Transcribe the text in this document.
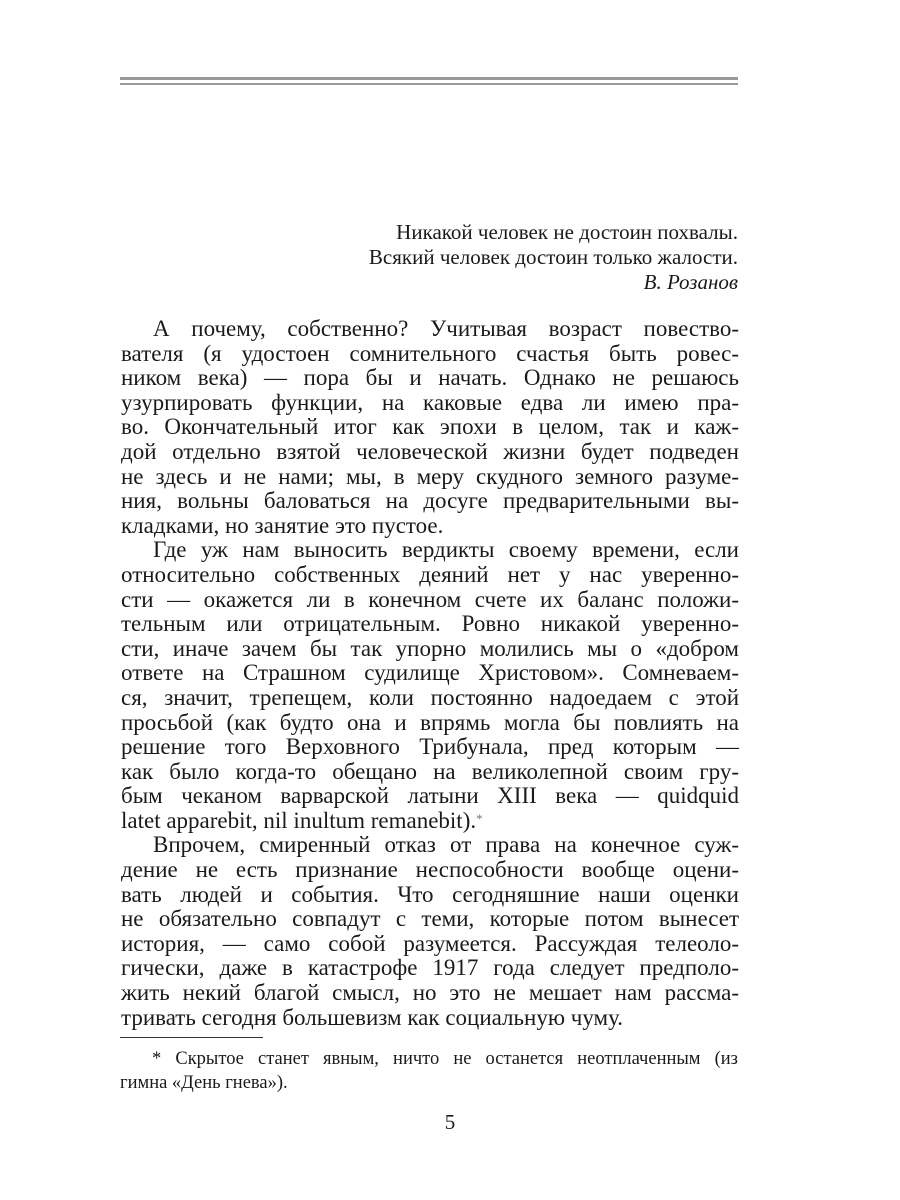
Никакой человек не достоин похвалы.
Всякий человек достоин только жалости.
В. Розанов

А почему, собственно? Учитывая возраст повество-
вателя (я удостоен сомнительного счастья быть ровес-
ником века) — пора бы и начать. Однако не решаюсь
узурпировать функции, на каковые едва ли имею пра-
во. Окончательный итог как эпохи в целом, так и каж-
дой отдельно взятой человеческой жизни будет подведен
не здесь и не нами; мы, в меру скудного земного разуме-
ния, вольны баловаться на досуге предварительными вы-
кладками, но занятие это пустое.

Где уж нам выносить вердикты своему времени, если
относительно собственных деяний нет у нас уверенно-
сти — окажется ли в конечном счете их баланс положи-
тельным или отрицательным. Ровно никакой уверенно-
сти, иначе зачем бы так упорно молились мы о «добром
ответе на Страшном судилище Христовом». Сомневаем-
ся, значит, трепещем, коли постоянно надоедаем с этой
просьбой (как будто она и впрямь могла бы повлиять на
решение того Верховного Трибунала, пред которым —
как было когда-то обещано на великолепной своим гру-
бым чеканом варварской латыни XIII века — quidquid
latet apparebit, nil inultum remanebit).*

Впрочем, смиренный отказ от права на конечное суж-
дение не есть признание неспособности вообще оцени-
вать людей и события. Что сегодняшние наши оценки
не обязательно совпадут с теми, которые потом вынесет
история, — само собой разумеется. Рассуждая телеоло-
гически, даже в катастрофе 1917 года следует предполо-
жить некий благой смысл, но это не мешает нам рассма-
тривать сегодня большевизм как социальную чуму.

* Скрытое станет явным, ничто не останется неотплаченным (из
гимна «День гнева»).
5
